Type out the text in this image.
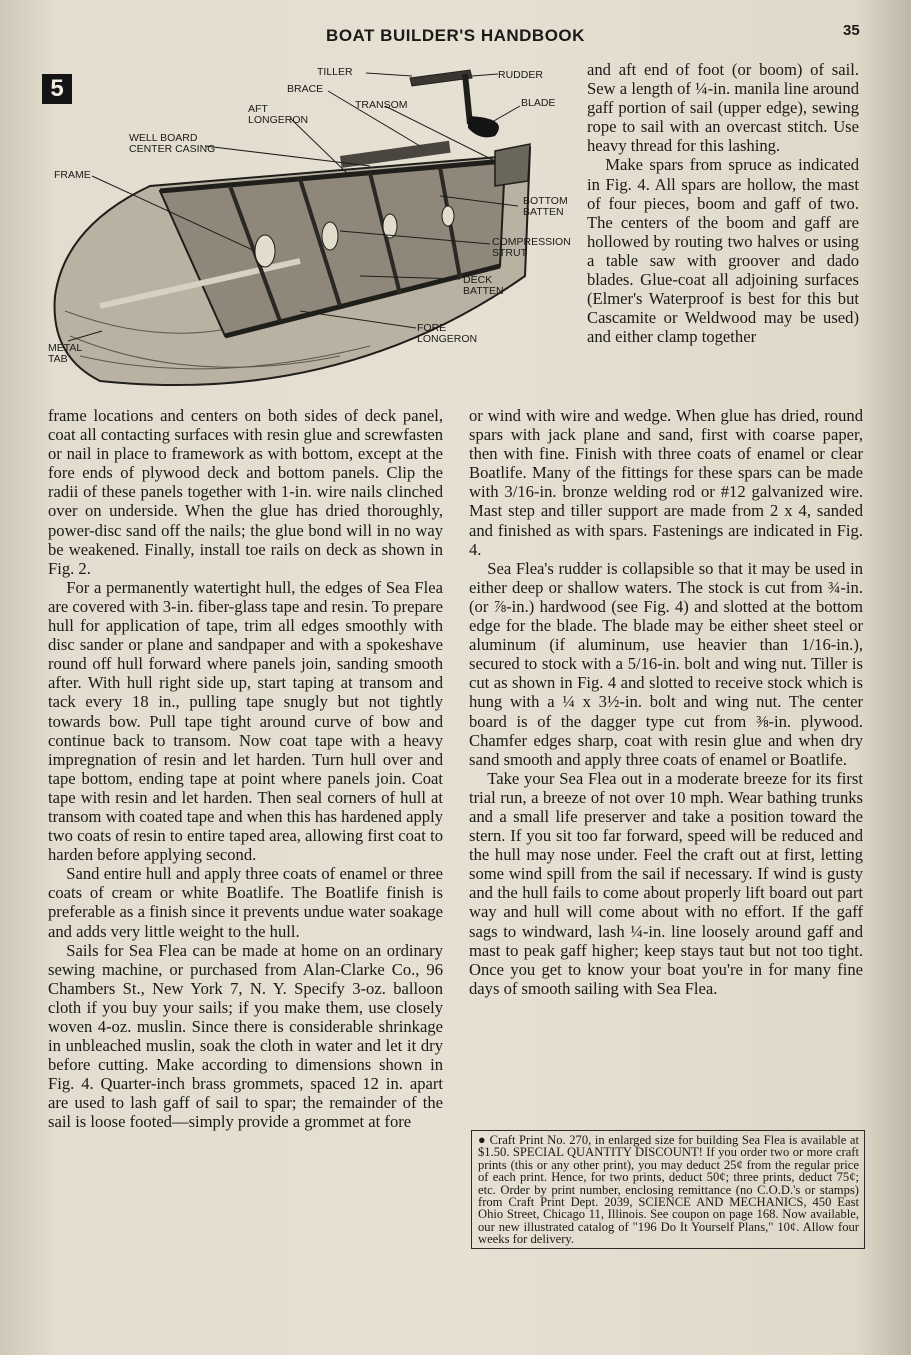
BOAT BUILDER'S HANDBOOK	35
TILLER
BRACE
RUDDER
AFT
LONGERON
TRANSOM	BLADE
WELL BOARD
CENTER CASING
FRAME
BOTTOM
BATTEN
COMPRESSION
STRUT
DECK
BATTEN
FORE
LONGERON
METAL
TAB
5

and aft end of foot (or boom) of sail. Sew a length of ¼-in. manila line around gaff portion of sail (upper edge), sewing rope to sail with an overcast stitch. Use heavy thread for this lashing.

Make spars from spruce as indicated in Fig. 4. All spars are hollow, the mast of four pieces, boom and gaff of two. The centers of the boom and gaff are hollowed by routing two halves or using a table saw with groover and dado blades. Glue-coat all adjoining surfaces (Elmer's Waterproof is best for this but Cascamite or Weldwood may be used) and either clamp together

frame locations and centers on both sides of deck panel, coat all contacting surfaces with resin glue and screwfasten or nail in place to framework as with bottom, except at the fore ends of plywood deck and bottom panels. Clip the radii of these panels together with 1-in. wire nails clinched over on underside. When the glue has dried thoroughly, power-disc sand off the nails; the glue bond will in no way be weakened. Finally, install toe rails on deck as shown in Fig. 2.

For a permanently watertight hull, the edges of Sea Flea are covered with 3-in. fiber-glass tape and resin. To prepare hull for application of tape, trim all edges smoothly with disc sander or plane and sandpaper and with a spokeshave round off hull forward where panels join, sanding smooth after. With hull right side up, start taping at transom and tack every 18 in., pulling tape snugly but not tightly towards bow. Pull tape tight around curve of bow and continue back to transom. Now coat tape with a heavy impregnation of resin and let harden. Turn hull over and tape bottom, ending tape at point where panels join. Coat tape with resin and let harden. Then seal corners of hull at transom with coated tape and when this has hardened apply two coats of resin to entire taped area, allowing first coat to harden before applying second.

Sand entire hull and apply three coats of enamel or three coats of cream or white Boatlife. The Boatlife finish is preferable as a finish since it prevents undue water soakage and adds very little weight to the hull.

Sails for Sea Flea can be made at home on an ordinary sewing machine, or purchased from Alan-Clarke Co., 96 Chambers St., New York 7, N. Y. Specify 3-oz. balloon cloth if you buy your sails; if you make them, use closely woven 4-oz. muslin. Since there is considerable shrinkage in unbleached muslin, soak the cloth in water and let it dry before cutting. Make according to dimensions shown in Fig. 4. Quarter-inch brass grommets, spaced 12 in. apart are used to lash gaff of sail to spar; the remainder of the sail is loose footed—simply provide a grommet at fore

or wind with wire and wedge. When glue has dried, round spars with jack plane and sand, first with coarse paper, then with fine. Finish with three coats of enamel or clear Boatlife. Many of the fittings for these spars can be made with 3/16-in. bronze welding rod or #12 galvanized wire. Mast step and tiller support are made from 2 x 4, sanded and finished as with spars. Fastenings are indicated in Fig. 4.

Sea Flea's rudder is collapsible so that it may be used in either deep or shallow waters. The stock is cut from ¾-in. (or ⅞-in.) hardwood (see Fig. 4) and slotted at the bottom edge for the blade. The blade may be either sheet steel or aluminum (if aluminum, use heavier than 1/16-in.), secured to stock with a 5/16-in. bolt and wing nut. Tiller is cut as shown in Fig. 4 and slotted to receive stock which is hung with a ¼ x 3½-in. bolt and wing nut. The center board is of the dagger type cut from ⅜-in. plywood. Chamfer edges sharp, coat with resin glue and when dry sand smooth and apply three coats of enamel or Boatlife.

Take your Sea Flea out in a moderate breeze for its first trial run, a breeze of not over 10 mph. Wear bathing trunks and a small life preserver and take a position toward the stern. If you sit too far forward, speed will be reduced and the hull may nose under. Feel the craft out at first, letting some wind spill from the sail if necessary. If wind is gusty and the hull fails to come about properly lift board out part way and hull will come about with no effort. If the gaff sags to windward, lash ¼-in. line loosely around gaff and mast to peak gaff higher; keep stays taut but not too tight. Once you get to know your boat you're in for many fine days of smooth sailing with Sea Flea.

● Craft Print No. 270, in enlarged size for building Sea Flea is available at $1.50. SPECIAL QUANTITY DISCOUNT! If you order two or more craft prints (this or any other print), you may deduct 25¢ from the regular price of each print. Hence, for two prints, deduct 50¢; three prints, deduct 75¢; etc. Order by print number, enclosing remittance (no C.O.D.'s or stamps) from Craft Print Dept. 2039, SCIENCE AND MECHANICS, 450 East Ohio Street, Chicago 11, Illinois. See coupon on page 168. Now available, our new illustrated catalog of "196 Do It Yourself Plans," 10¢. Allow four weeks for delivery.
